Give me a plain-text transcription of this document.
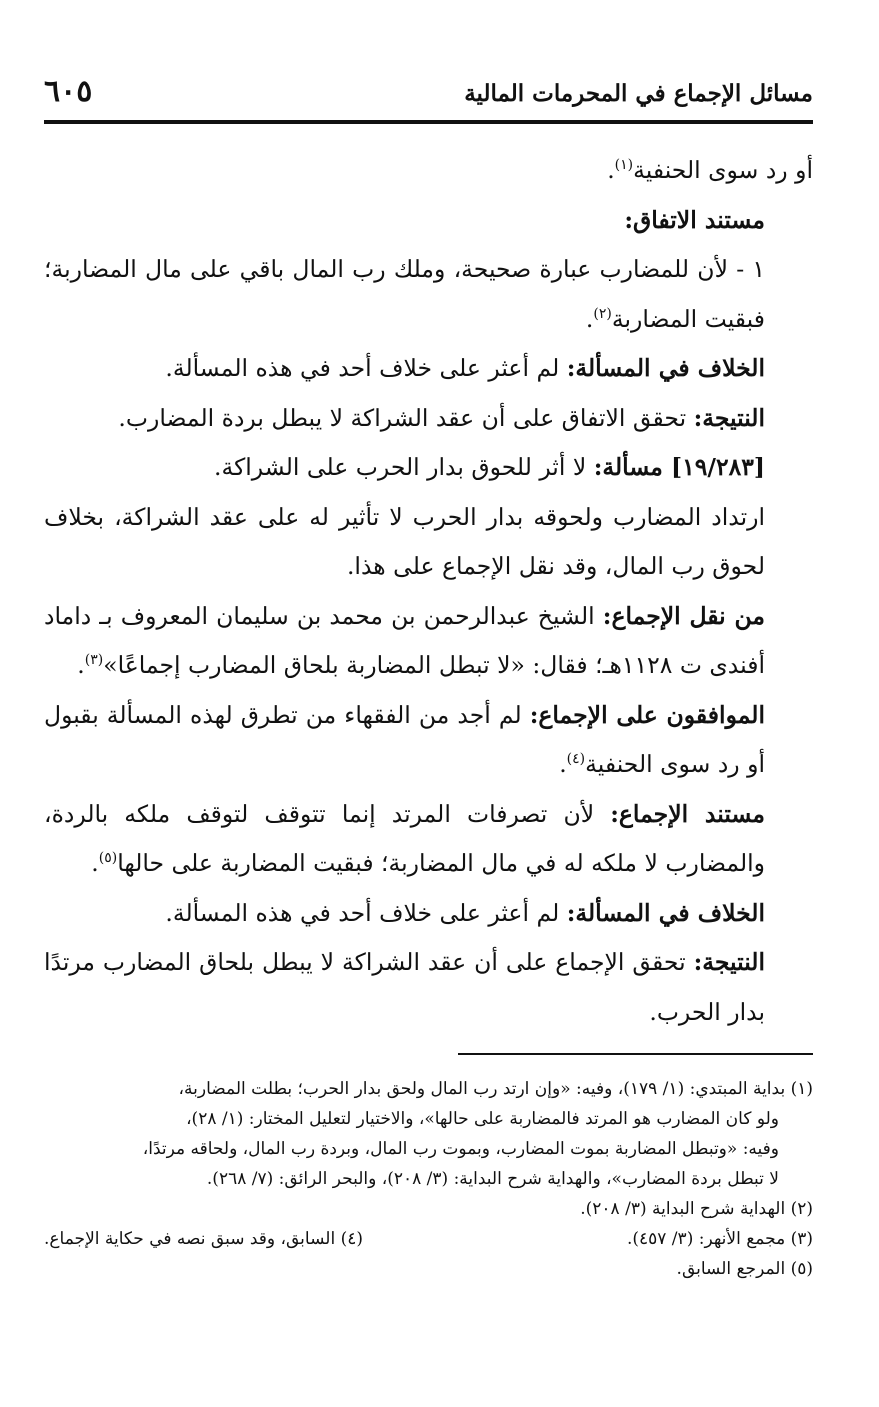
مسائل الإجماع في المحرمات المالية
٦٠٥

أو رد سوى الحنفية$^{(١)}$.

مستند الاتفاق:

١ - لأن للمضارب عبارة صحيحة، وملك رب المال باقي على مال المضاربة؛ فبقيت المضاربة$^{(٢)}$.

الخلاف في المسألة: لم أعثر على خلاف أحد في هذه المسألة.

النتيجة: تحقق الاتفاق على أن عقد الشراكة لا يبطل بردة المضارب.

[١٩/٢٨٣] مسألة: لا أثر للحوق بدار الحرب على الشراكة.

ارتداد المضارب ولحوقه بدار الحرب لا تأثير له على عقد الشراكة، بخلاف لحوق رب المال، وقد نقل الإجماع على هذا.

من نقل الإجماع: الشيخ عبدالرحمن بن محمد بن سليمان المعروف بـ داماد أفندى ت ١١٢٨هـ؛ فقال: «لا تبطل المضاربة بلحاق المضارب إجماعًا»$^{(٣)}$.

الموافقون على الإجماع: لم أجد من الفقهاء من تطرق لهذه المسألة بقبول أو رد سوى الحنفية$^{(٤)}$.

مستند الإجماع: لأن تصرفات المرتد إنما تتوقف لتوقف ملكه بالردة، والمضارب لا ملكه له في مال المضاربة؛ فبقيت المضاربة على حالها$^{(٥)}$.

الخلاف في المسألة: لم أعثر على خلاف أحد في هذه المسألة.

النتيجة: تحقق الإجماع على أن عقد الشراكة لا يبطل بلحاق المضارب مرتدًا بدار الحرب.

(١) بداية المبتدي: (١/ ١٧٩)، وفيه: «وإن ارتد رب المال ولحق بدار الحرب؛ بطلت المضاربة،

ولو كان المضارب هو المرتد فالمضاربة على حالها»، والاختيار لتعليل المختار: (١/ ٢٨)،

وفيه: «وتبطل المضاربة بموت المضارب، وبموت رب المال، وبردة رب المال، ولحاقه مرتدًا،

لا تبطل بردة المضارب»، والهداية شرح البداية: (٣/ ٢٠٨)، والبحر الرائق: (٧/ ٢٦٨).

(٢) الهداية شرح البداية (٣/ ٢٠٨).

(٣) مجمع الأنهر: (٣/ ٤٥٧).
(٤) السابق، وقد سبق نصه في حكاية الإجماع.

(٥) المرجع السابق.
